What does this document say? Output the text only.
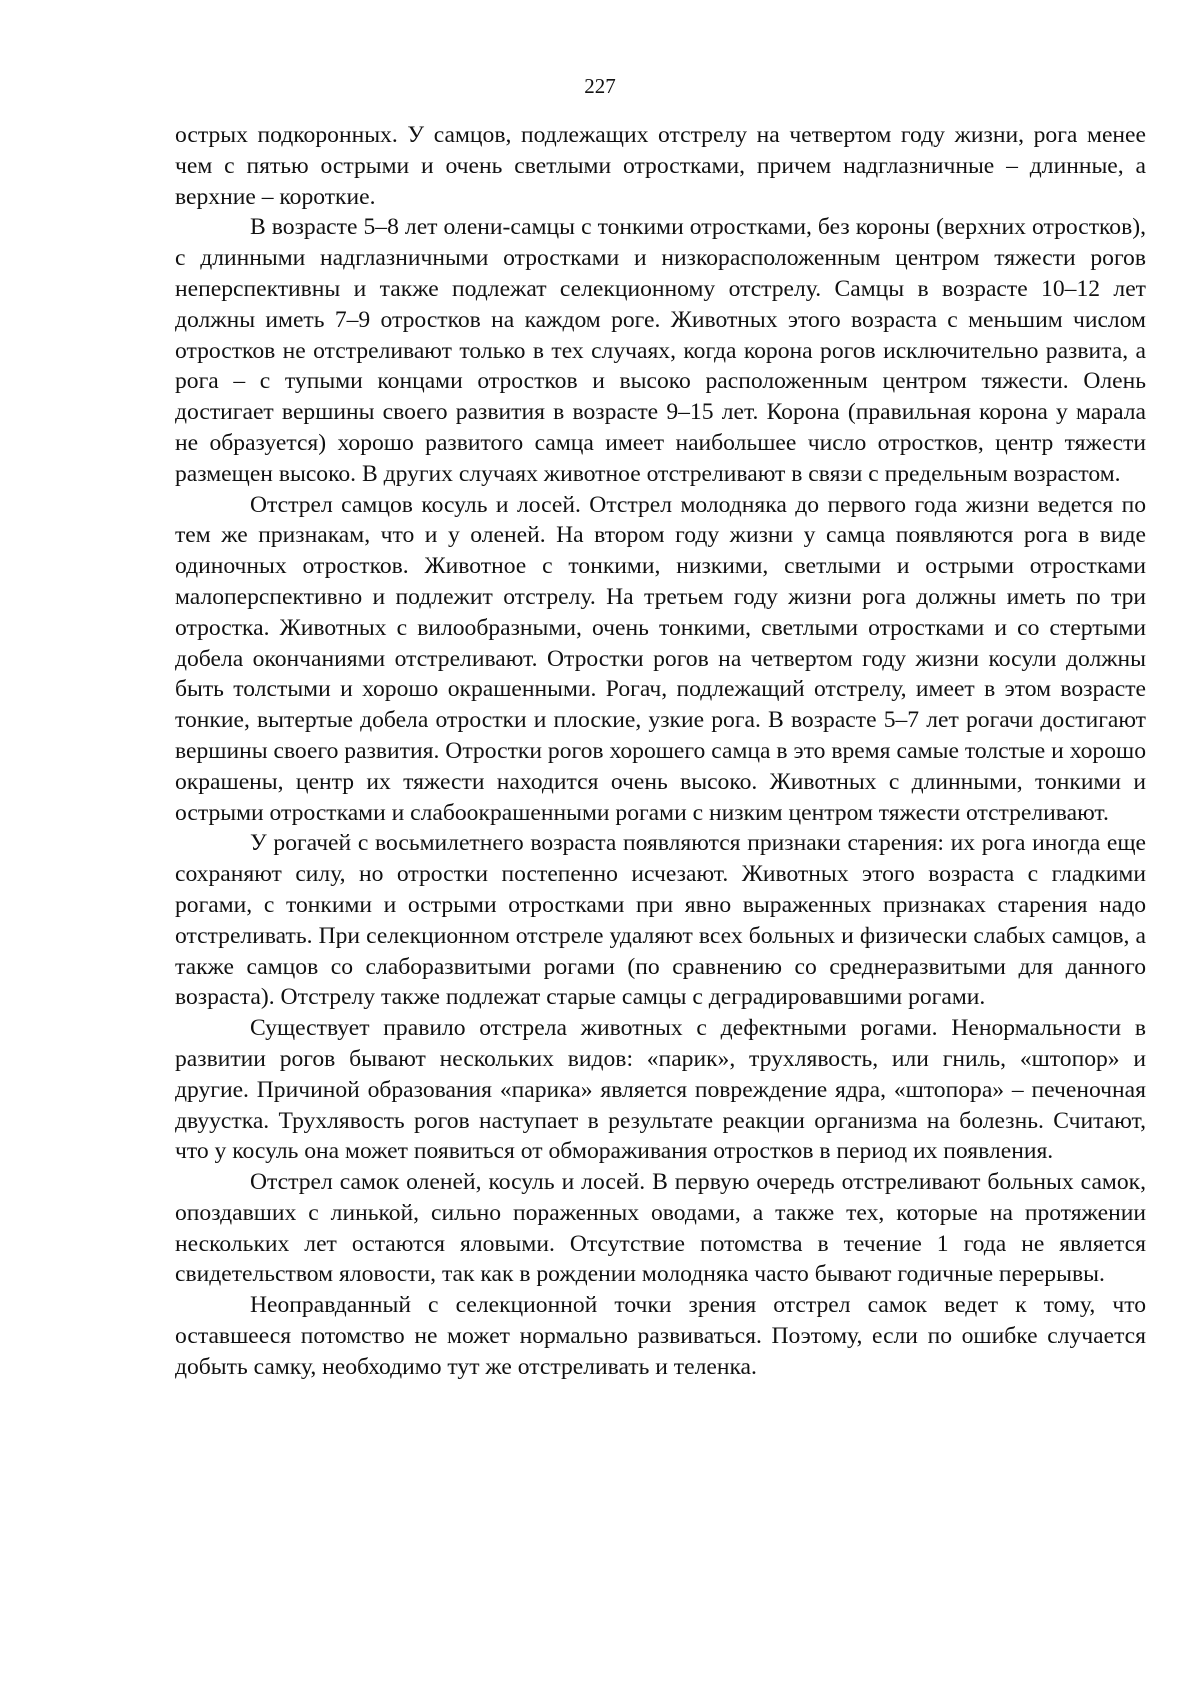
227

острых подкоронных. У самцов, подлежащих отстрелу на четвертом году жизни, рога менее чем с пятью острыми и очень светлыми отростками, причем надглазничные – длинные, а верхние – короткие.

В возрасте 5–8 лет олени-самцы с тонкими отростками, без короны (верхних отростков), с длинными надглазничными отростками и низкорасположенным центром тяжести рогов неперспективны и также подлежат селекционному отстрелу. Самцы в возрасте 10–12 лет должны иметь 7–9 отростков на каждом роге. Животных этого возраста с меньшим числом отростков не отстреливают только в тех случаях, когда корона рогов исключительно развита, а рога – с тупыми концами отростков и высоко расположенным центром тяжести. Олень достигает вершины своего развития в возрасте 9–15 лет. Корона (правильная корона у марала не образуется) хорошо развитого самца имеет наибольшее число отростков, центр тяжести размещен высоко. В других случаях животное отстреливают в связи с предельным возрастом.

Отстрел самцов косуль и лосей. Отстрел молодняка до первого года жизни ведется по тем же признакам, что и у оленей. На втором году жизни у самца появляются рога в виде одиночных отростков. Животное с тонкими, низкими, светлыми и острыми отростками малоперспективно и подлежит отстрелу. На третьем году жизни рога должны иметь по три отростка. Животных с вилообразными, очень тонкими, светлыми отростками и со стертыми добела окончаниями отстреливают. Отростки рогов на четвертом году жизни косули должны быть толстыми и хорошо окрашенными. Рогач, подлежащий отстрелу, имеет в этом возрасте тонкие, вытертые добела отростки и плоские, узкие рога. В возрасте 5–7 лет рогачи достигают вершины своего развития. Отростки рогов хорошего самца в это время самые толстые и хорошо окрашены, центр их тяжести находится очень высоко. Животных с длинными, тонкими и острыми отростками и слабоокрашенными рогами с низким центром тяжести отстреливают.

У рогачей с восьмилетнего возраста появляются признаки старения: их рога иногда еще сохраняют силу, но отростки постепенно исчезают. Животных этого возраста с гладкими рогами, с тонкими и острыми отростками при явно выраженных признаках старения надо отстреливать. При селекционном отстреле удаляют всех больных и физически слабых самцов, а также самцов со слаборазвитыми рогами (по сравнению со среднеразвитыми для данного возраста). Отстрелу также подлежат старые самцы с деградировавшими рогами.

Существует правило отстрела животных с дефектными рогами. Ненормальности в развитии рогов бывают нескольких видов: «парик», трухлявость, или гниль, «штопор» и другие. Причиной образования «парика» является повреждение ядра, «штопора» – печеночная двуустка. Трухлявость рогов наступает в результате реакции организма на болезнь. Считают, что у косуль она может появиться от обмораживания отростков в период их появления.

Отстрел самок оленей, косуль и лосей. В первую очередь отстреливают больных самок, опоздавших с линькой, сильно пораженных оводами, а также тех, которые на протяжении нескольких лет остаются яловыми. Отсутствие потомства в течение 1 года не является свидетельством яловости, так как в рождении молодняка часто бывают годичные перерывы.

Неоправданный с селекционной точки зрения отстрел самок ведет к тому, что оставшееся потомство не может нормально развиваться. Поэтому, если по ошибке случается добыть самку, необходимо тут же отстреливать и теленка.
